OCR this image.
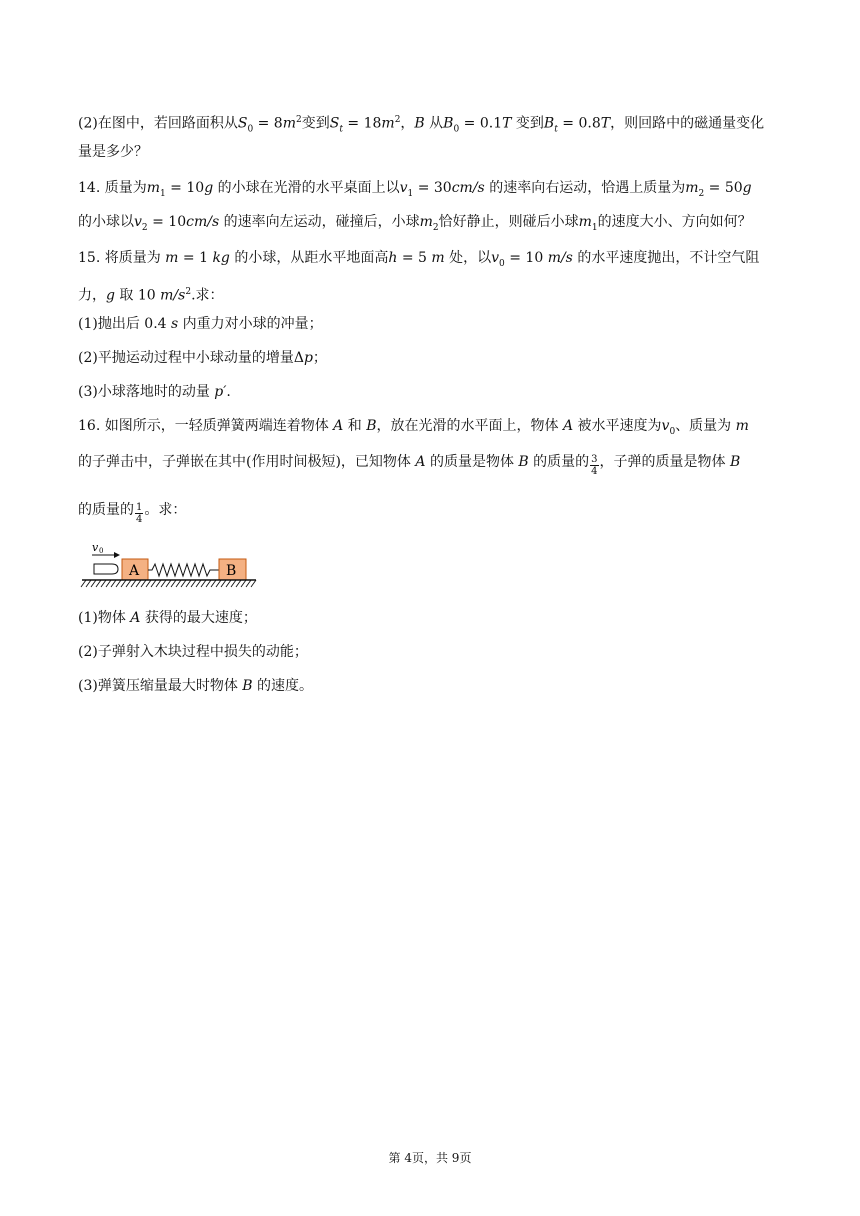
(2)在图中，若回路面积从$S_0 = 8m^2$变到$S_t = 18m^2$，B 从$B_0 = 0.1T$ 变到$B_t = 0.8T$，则回路中的磁通量变化
量是多少？
14. 质量为$m_1 = 10g$ 的小球在光滑的水平桌面上以$v_1 = 30cm/s$ 的速率向右运动，恰遇上质量为$m_2 = 50g$
的小球以$v_2 = 10cm/s$ 的速率向左运动，碰撞后，小球$m_2$恰好静止，则碰后小球$m_1$的速度大小、方向如何？
15. 将质量为 m = 1 kg 的小球，从距水平地面高h = 5 m 处，以$v_0 = 10$ m/s 的水平速度抛出，不计空气阻
力，g 取 10 $m/s^2$.求：
(1)抛出后 0.4 s 内重力对小球的冲量；
(2)平抛运动过程中小球动量的增量Δp；
(3)小球落地时的动量 p′.
16. 如图所示，一轻质弹簧两端连着物体 A 和 B，放在光滑的水平面上，物体 A 被水平速度为$v_0$、质量为 m
的子弹击中，子弹嵌在其中(作用时间极短)，已知物体 A 的质量是物体 B 的质量的 $\frac{3}{4}$ ，子弹的质量是物体 B
的质量的 $\frac{1}{4}$ 。求：
v 0
A	B
(1)物体 A 获得的最大速度；
(2)子弹射入木块过程中损失的动能；
(3)弹簧压缩量最大时物体 B 的速度。
第 4页，共 9页
